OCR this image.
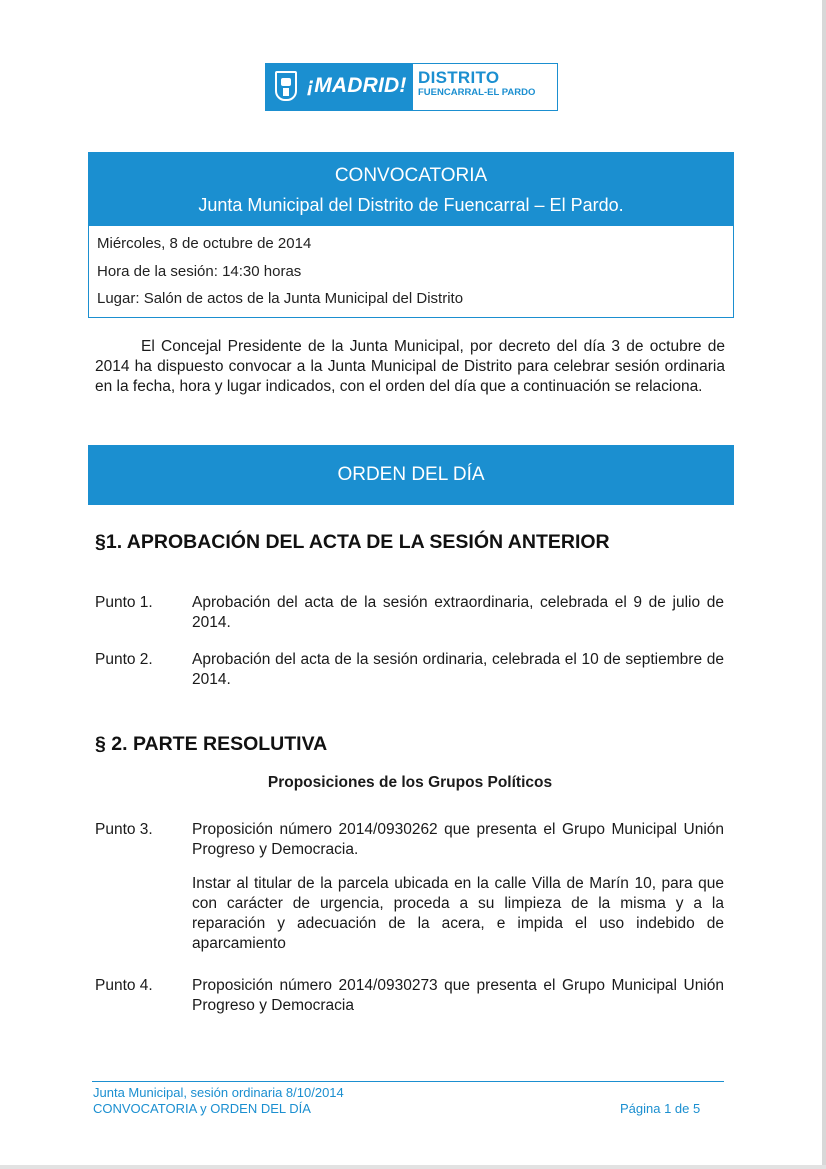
¡MADRID! DISTRITO
FUENCARRAL-EL PARDO
CONVOCATORIA
Junta Municipal del Distrito de Fuencarral – El Pardo.
Miércoles, 8 de octubre de 2014
Hora de la sesión: 14:30 horas
Lugar: Salón de actos de la Junta Municipal del Distrito

El Concejal Presidente de la Junta Municipal, por decreto del día 3 de octubre de 2014 ha dispuesto convocar a la Junta Municipal de Distrito para celebrar sesión ordinaria en la fecha, hora y lugar indicados, con el orden del día que a continuación se relaciona.

ORDEN DEL DÍA
§1. APROBACIÓN DEL ACTA DE LA SESIÓN ANTERIOR
Punto 1.	Aprobación del acta de la sesión extraordinaria, celebrada el 9 de julio de 2014.

Punto 2.	Aprobación del acta de la sesión ordinaria, celebrada el 10 de septiembre de 2014.

§ 2. PARTE RESOLUTIVA

Proposiciones de los Grupos Políticos

Punto 3.	Proposición número 2014/0930262 que presenta el Grupo Municipal Unión Progreso y Democracia.

Instar al titular de la parcela ubicada en la calle Villa de Marín 10, para que con carácter de urgencia, proceda a su limpieza de la misma y a la reparación y adecuación de la acera, e impida el uso indebido de aparcamiento

Punto 4.	Proposición número 2014/0930273 que presenta el Grupo Municipal Unión Progreso y Democracia

Junta Municipal, sesión ordinaria 8/10/2014
CONVOCATORIA y ORDEN DEL DÍA	Página 1 de 5
